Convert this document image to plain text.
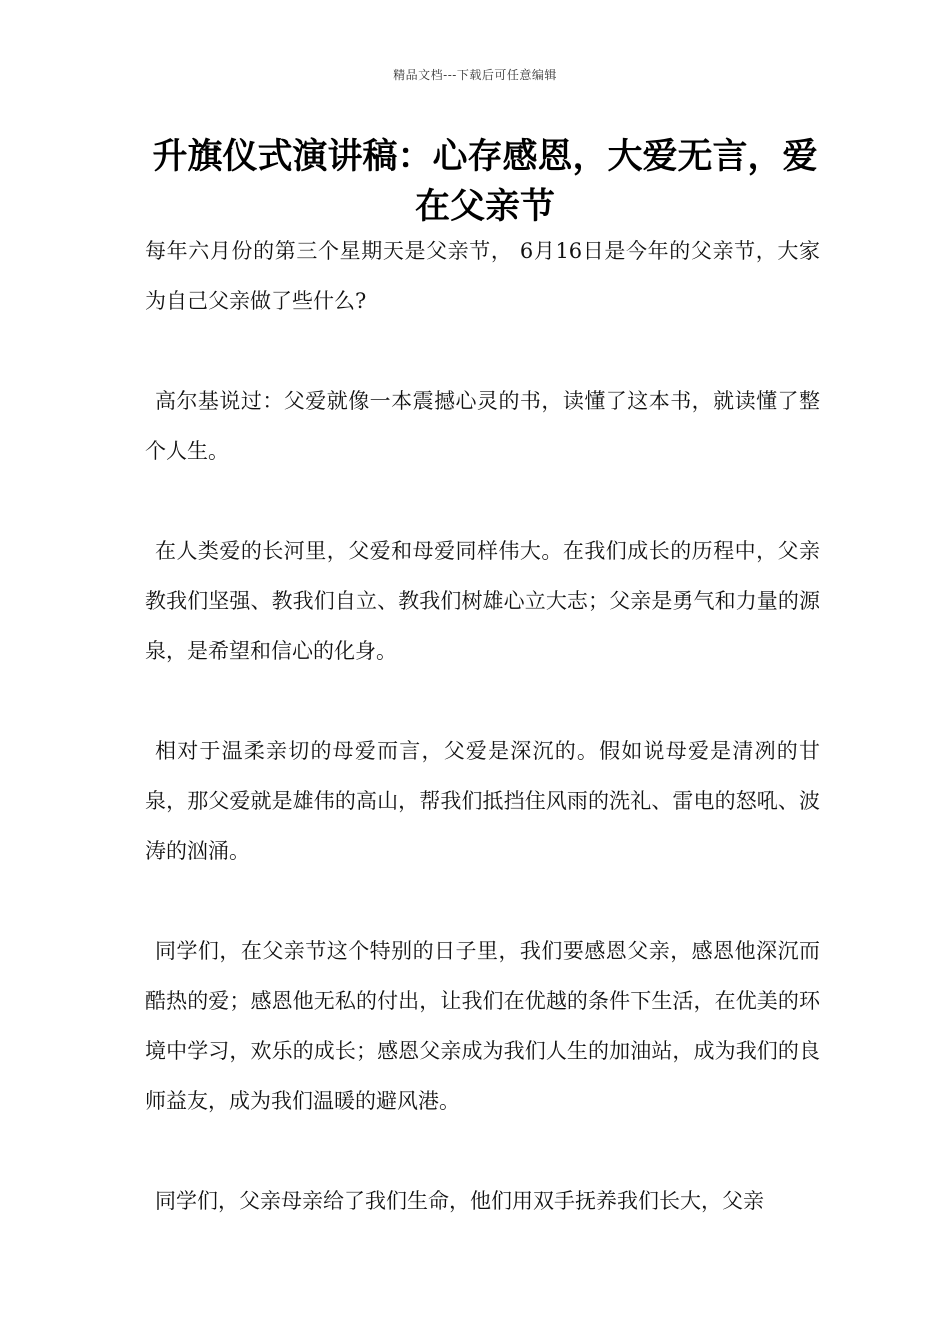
精品文档---下载后可任意编辑
升旗仪式演讲稿：心存感恩，大爱无言，爱在父亲节

每年六月份的第三个星期天是父亲节， 6月16日是今年的父亲节，大家为自己父亲做了些什么?

高尔基说过：父爱就像一本震撼心灵的书，读懂了这本书，就读懂了整个人生。

在人类爱的长河里，父爱和母爱同样伟大。在我们成长的历程中，父亲教我们坚强、教我们自立、教我们树雄心立大志；父亲是勇气和力量的源泉，是希望和信心的化身。

相对于温柔亲切的母爱而言，父爱是深沉的。假如说母爱是清冽的甘泉，那父爱就是雄伟的高山，帮我们抵挡住风雨的洗礼、雷电的怒吼、波涛的汹涌。

同学们，在父亲节这个特别的日子里，我们要感恩父亲，感恩他深沉而酷热的爱；感恩他无私的付出，让我们在优越的条件下生活，在优美的环境中学习，欢乐的成长；感恩父亲成为我们人生的加油站，成为我们的良师益友，成为我们温暖的避风港。

同学们，父亲母亲给了我们生命，他们用双手抚养我们长大，父亲
